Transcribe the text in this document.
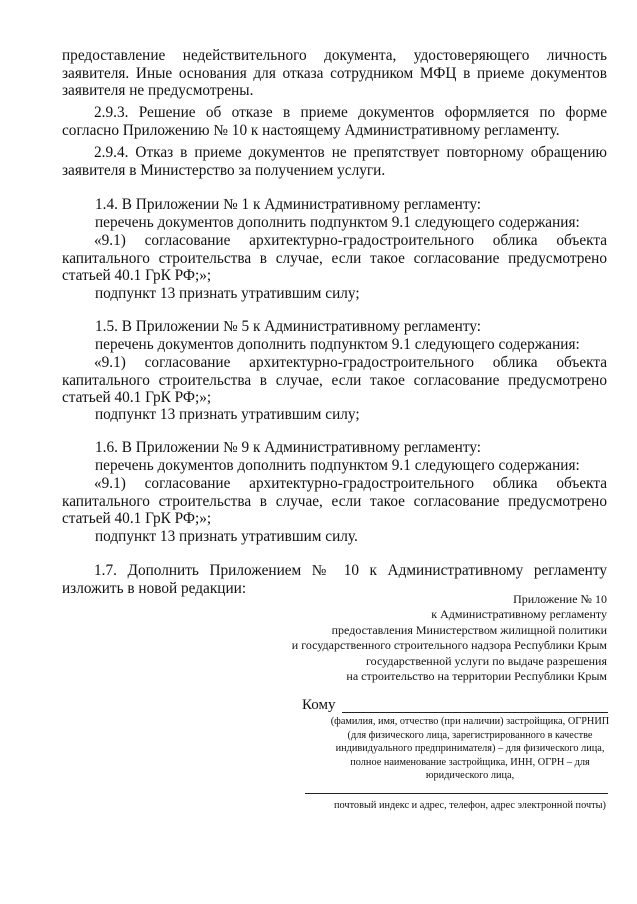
предоставление недействительного документа, удостоверяющего личность заявителя. Иные основания для отказа сотрудником МФЦ в приеме документов заявителя не предусмотрены.

2.9.3. Решение об отказе в приеме документов оформляется по форме согласно Приложению № 10 к настоящему Административному регламенту.

2.9.4. Отказ в приеме документов не препятствует повторному обращению заявителя в Министерство за получением услуги.

1.4. В Приложении № 1 к Административному регламенту:

перечень документов дополнить подпунктом 9.1 следующего содержания:

«9.1) согласование архитектурно-градостроительного облика объекта капитального строительства в случае, если такое согласование предусмотрено статьей 40.1 ГрК РФ;»;

подпункт 13 признать утратившим силу;

1.5. В Приложении № 5 к Административному регламенту:

перечень документов дополнить подпунктом 9.1 следующего содержания:

«9.1) согласование архитектурно-градостроительного облика объекта капитального строительства в случае, если такое согласование предусмотрено статьей 40.1 ГрК РФ;»;

подпункт 13 признать утратившим силу;

1.6. В Приложении № 9 к Административному регламенту:

перечень документов дополнить подпунктом 9.1 следующего содержания:

«9.1) согласование архитектурно-градостроительного облика объекта капитального строительства в случае, если такое согласование предусмотрено статьей 40.1 ГрК РФ;»;

подпункт 13 признать утратившим силу.

1.7. Дополнить Приложением № 10 к Административному регламенту изложить в новой редакции:

Приложение № 10
к Административному регламенту
предоставления Министерством жилищной политики
и государственного строительного надзора Республики Крым
государственной услуги по выдаче разрешения
на строительство на территории Республики Крым

Кому

(фамилия, имя, отчество (при наличии) застройщика, ОГРНИП (для физического лица, зарегистрированного в качестве индивидуального предпринимателя) – для физического лица, полное наименование застройщика, ИНН, ОГРН – для юридического лица,

почтовый индекс и адрес, телефон, адрес электронной почты)
